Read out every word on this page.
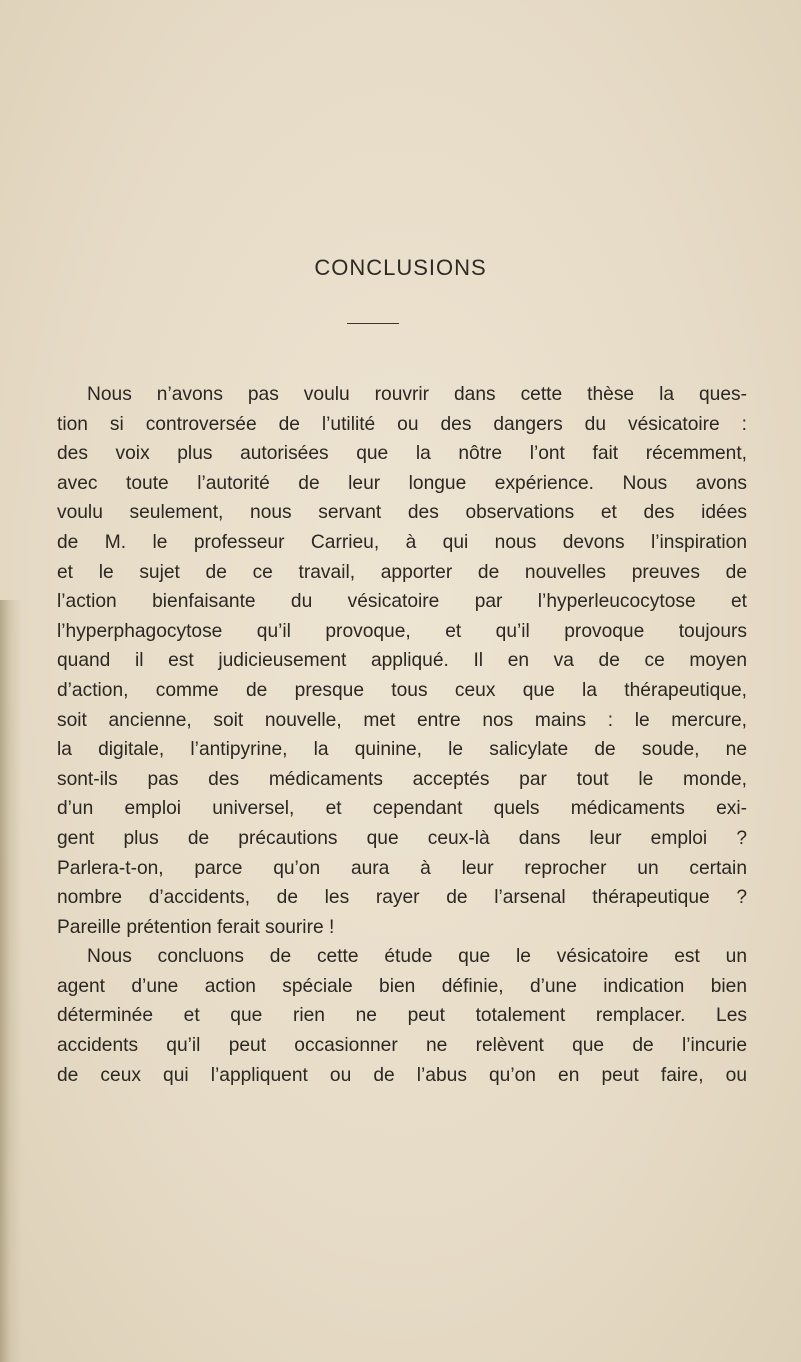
CONCLUSIONS
Nous n’avons pas voulu rouvrir dans cette thèse la ques-
tion si controversée de l’utilité ou des dangers du vésicatoire :
des voix plus autorisées que la nôtre l’ont fait récemment,
avec toute l’autorité de leur longue expérience. Nous avons
voulu seulement, nous servant des observations et des idées
de M. le professeur Carrieu, à qui nous devons l’inspiration
et le sujet de ce travail, apporter de nouvelles preuves de
l’action bienfaisante du vésicatoire par l’hyperleucocytose et
l’hyperphagocytose qu’il provoque, et qu’il provoque toujours
quand il est judicieusement appliqué. Il en va de ce moyen
d’action, comme de presque tous ceux que la thérapeutique,
soit ancienne, soit nouvelle, met entre nos mains : le mercure,
la digitale, l’antipyrine, la quinine, le salicylate de soude, ne
sont-ils pas des médicaments acceptés par tout le monde,
d’un emploi universel, et cependant quels médicaments exi-
gent plus de précautions que ceux-là dans leur emploi ?
Parlera-t-on, parce qu’on aura à leur reprocher un certain
nombre d’accidents, de les rayer de l’arsenal thérapeutique ?
Pareille prétention ferait sourire !
Nous concluons de cette étude que le vésicatoire est un
agent d’une action spéciale bien définie, d’une indication bien
déterminée et que rien ne peut totalement remplacer. Les
accidents qu’il peut occasionner ne relèvent que de l’incurie
de ceux qui l’appliquent ou de l’abus qu’on en peut faire, ou
